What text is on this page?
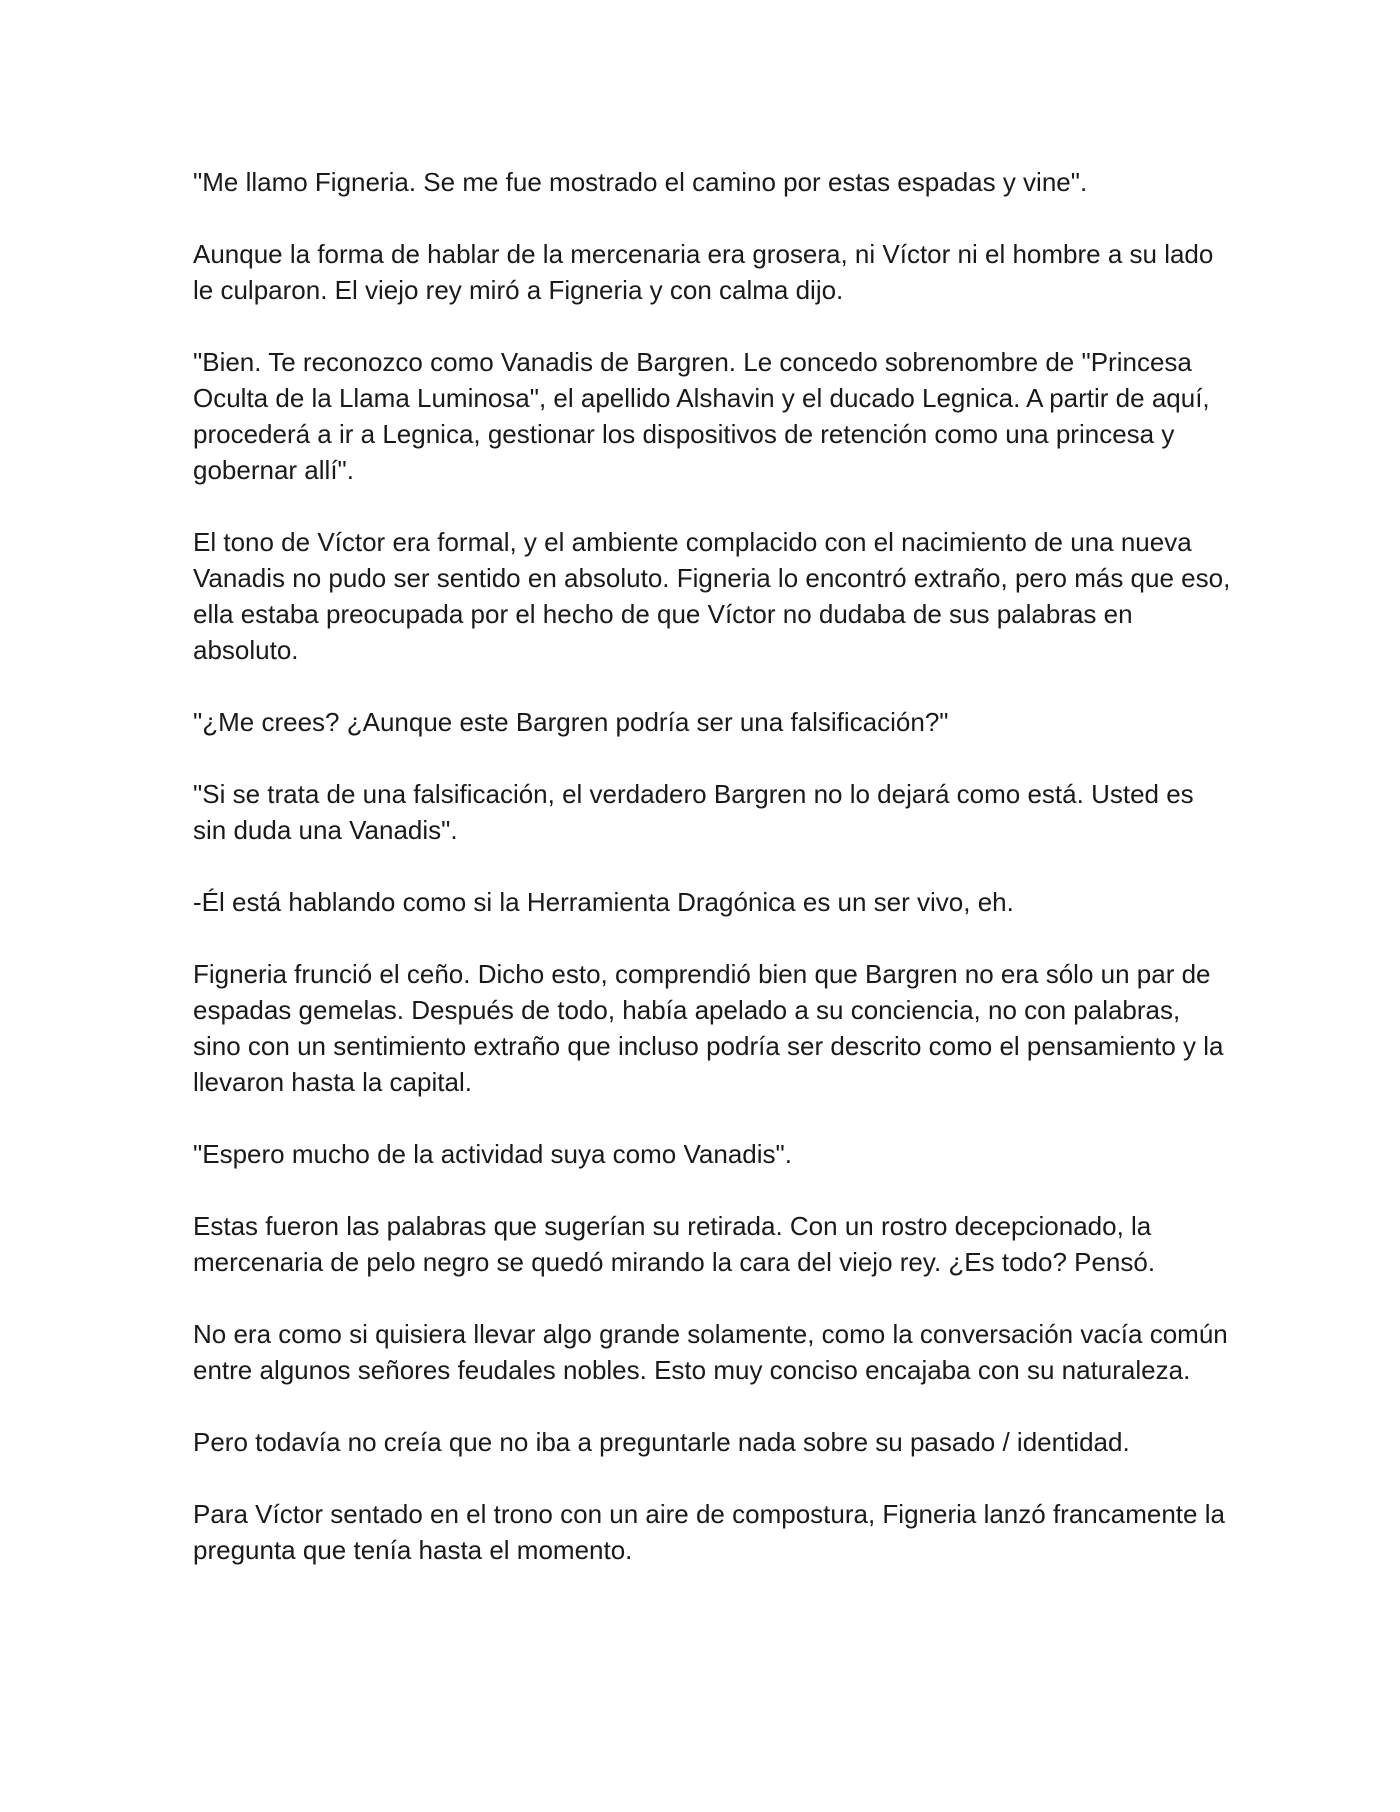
"Me llamo Figneria. Se me fue mostrado el camino por estas espadas y vine".

Aunque la forma de hablar de la mercenaria era grosera, ni Víctor ni el hombre a su lado le culparon. El viejo rey miró a Figneria y con calma dijo.

"Bien. Te reconozco como Vanadis de Bargren. Le concedo sobrenombre de "Princesa Oculta de la Llama Luminosa", el apellido Alshavin y el ducado Legnica. A partir de aquí, procederá a ir a Legnica, gestionar los dispositivos de retención como una princesa y gobernar allí".

El tono de Víctor era formal, y el ambiente complacido con el nacimiento de una nueva Vanadis no pudo ser sentido en absoluto. Figneria lo encontró extraño, pero más que eso, ella estaba preocupada por el hecho de que Víctor no dudaba de sus palabras en absoluto.

"¿Me crees? ¿Aunque este Bargren podría ser una falsificación?"

"Si se trata de una falsificación, el verdadero Bargren no lo dejará como está. Usted es sin duda una Vanadis".

-Él está hablando como si la Herramienta Dragónica es un ser vivo, eh.

Figneria frunció el ceño. Dicho esto, comprendió bien que Bargren no era sólo un par de espadas gemelas. Después de todo, había apelado a su conciencia, no con palabras, sino con un sentimiento extraño que incluso podría ser descrito como el pensamiento y la llevaron hasta la capital.

"Espero mucho de la actividad suya como Vanadis".

Estas fueron las palabras que sugerían su retirada. Con un rostro decepcionado, la mercenaria de pelo negro se quedó mirando la cara del viejo rey. ¿Es todo? Pensó.

No era como si quisiera llevar algo grande solamente, como la conversación vacía común entre algunos señores feudales nobles. Esto muy conciso encajaba con su naturaleza.

Pero todavía no creía que no iba a preguntarle nada sobre su pasado / identidad.

Para Víctor sentado en el trono con un aire de compostura, Figneria lanzó francamente la pregunta que tenía hasta el momento.
